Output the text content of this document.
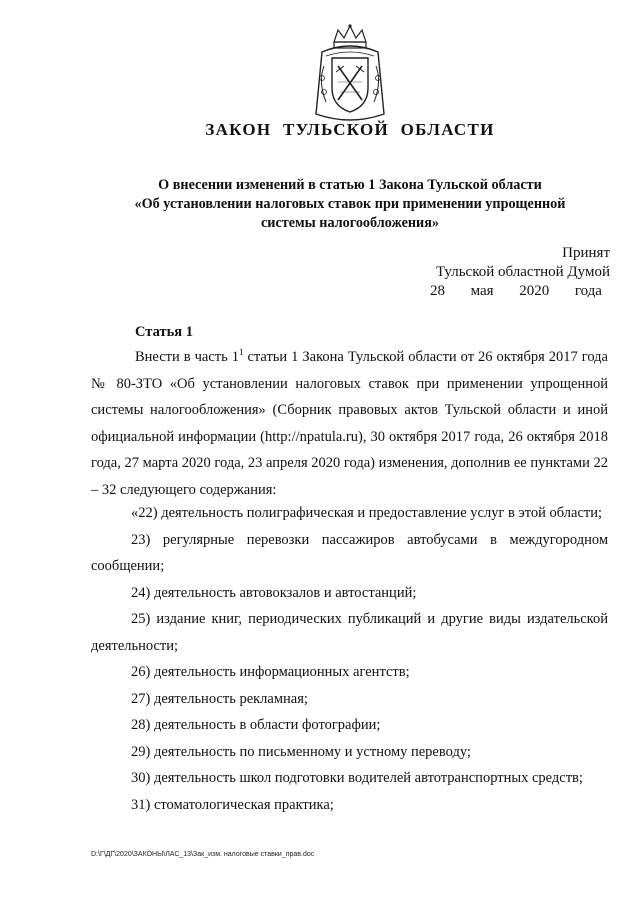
ЗАКОН ТУЛЬСКОЙ ОБЛАСТИ
О внесении изменений в статью 1 Закона Тульской области
«Об установлении налоговых ставок при применении упрощенной
системы налогообложения»
Принят
Тульской областной Думой
28 мая 2020 года
Статья 1

Внести в часть $1^1$ статьи 1 Закона Тульской области от 26 октября 2017 года № 80-ЗТО «Об установлении налоговых ставок при применении упрощенной системы налогообложения» (Сборник правовых актов Тульской области и иной официальной информации (http://npatula.ru), 30 октября 2017 года, 26 октября 2018 года, 27 марта 2020 года, 23 апреля 2020 года) изменения, дополнив ее пунктами 22 – 32 следующего содержания:

«22) деятельность полиграфическая и предоставление услуг в этой области;

23) регулярные перевозки пассажиров автобусами в междугородном сообщении;

24) деятельность автовокзалов и автостанций;

25) издание книг, периодических публикаций и другие виды издательской деятельности;

26) деятельность информационных агентств;

27) деятельность рекламная;

28) деятельность в области фотографии;

29) деятельность по письменному и устному переводу;

30) деятельность школ подготовки водителей автотранспортных средств;

31) стоматологическая практика;

D:\Г\ДГ\2020\ЗАКОНЫ\ЛАС_13\Зак_изм. налоговые ставки_прав.doc
